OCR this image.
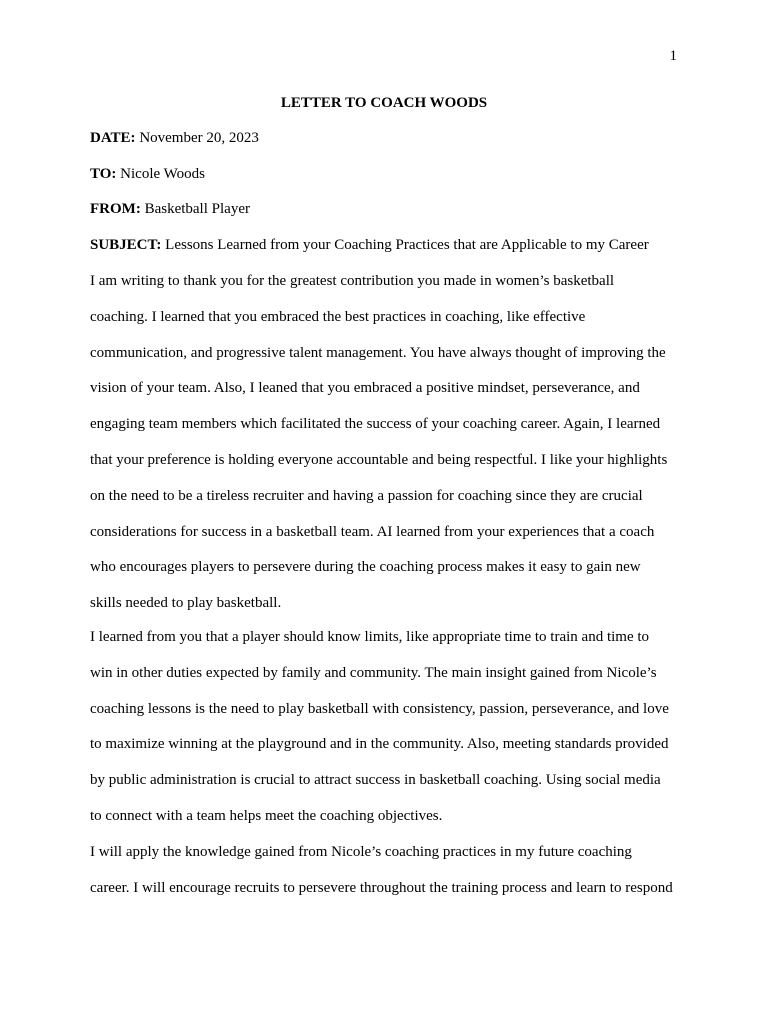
1
LETTER TO COACH WOODS
DATE: November 20, 2023
TO: Nicole Woods
FROM: Basketball Player
SUBJECT: Lessons Learned from your Coaching Practices that are Applicable to my Career
I am writing to thank you for the greatest contribution you made in women’s basketball
coaching. I learned that you embraced the best practices in coaching, like effective
communication, and progressive talent management. You have always thought of improving the
vision of your team. Also, I leaned that you embraced a positive mindset, perseverance, and
engaging team members which facilitated the success of your coaching career. Again, I learned
that your preference is holding everyone accountable and being respectful. I like your highlights
on the need to be a tireless recruiter and having a passion for coaching since they are crucial
considerations for success in a basketball team. AI learned from your experiences that a coach
who encourages players to persevere during the coaching process makes it easy to gain new
skills needed to play basketball.
I learned from you that a player should know limits, like appropriate time to train and time to
win in other duties expected by family and community. The main insight gained from Nicole’s
coaching lessons is the need to play basketball with consistency, passion, perseverance, and love
to maximize winning at the playground and in the community. Also, meeting standards provided
by public administration is crucial to attract success in basketball coaching. Using social media
to connect with a team helps meet the coaching objectives.
I will apply the knowledge gained from Nicole’s coaching practices in my future coaching
career. I will encourage recruits to persevere throughout the training process and learn to respond
